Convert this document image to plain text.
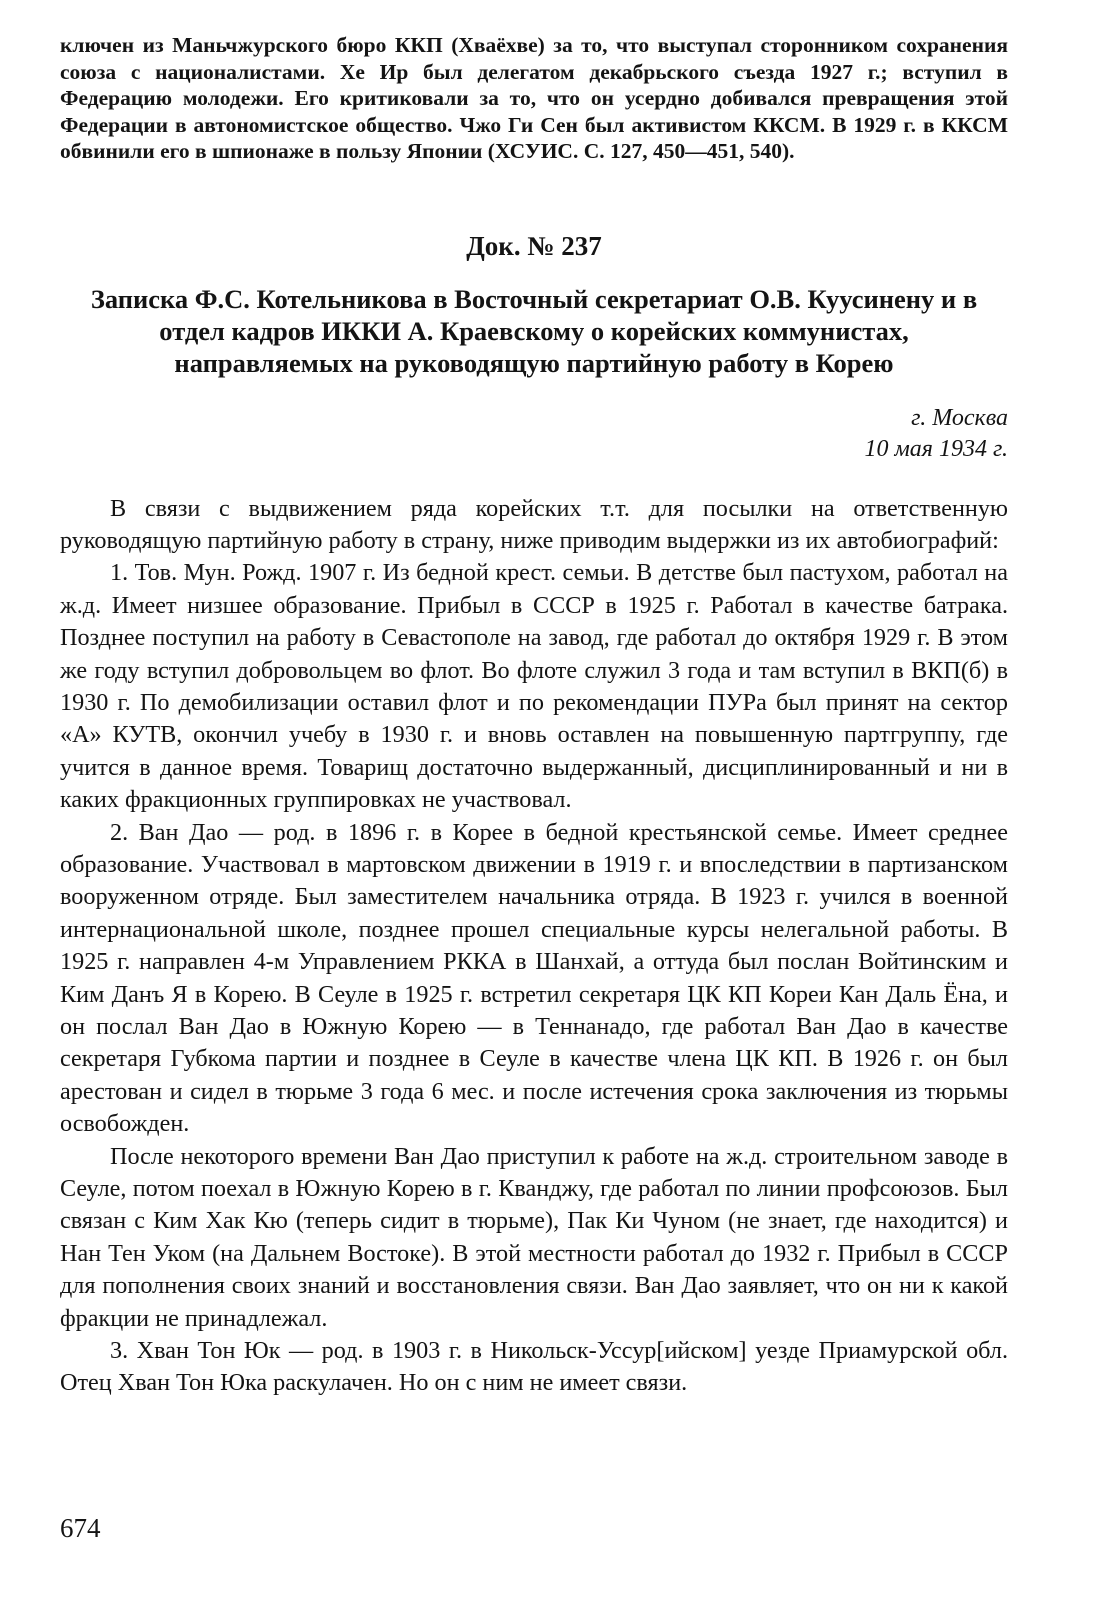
ключен из Маньчжурского бюро ККП (Хваёхве) за то, что выступал сторонником сохранения союза с националистами. Хе Ир был делегатом декабрьского съезда 1927 г.; вступил в Федерацию молодежи. Его критиковали за то, что он усердно добивался превращения этой Федерации в автономистское общество. Чжо Ги Сен был активистом ККСМ. В 1929 г. в ККСМ обвинили его в шпионаже в пользу Японии (ХСУИС. С. 127, 450—451, 540).

Док. № 237
Записка Ф.С. Котельникова в Восточный секретариат О.В. Куусинену и в отдел кадров ИККИ А. Краевскому о корейских коммунистах, направляемых на руководящую партийную работу в Корею
г. Москва
10 мая 1934 г.

В связи с выдвижением ряда корейских т.т. для посылки на ответственную руководящую партийную работу в страну, ниже приводим выдержки из их автобиографий:

1. Тов. Мун. Рожд. 1907 г. Из бедной крест. семьи. В детстве был пастухом, работал на ж.д. Имеет низшее образование. Прибыл в СССР в 1925 г. Работал в качестве батрака. Позднее поступил на работу в Севастополе на завод, где работал до октября 1929 г. В этом же году вступил добровольцем во флот. Во флоте служил 3 года и там вступил в ВКП(б) в 1930 г. По демобилизации оставил флот и по рекомендации ПУРа был принят на сектор «А» КУТВ, окончил учебу в 1930 г. и вновь оставлен на повышенную партгруппу, где учится в данное время. Товарищ достаточно выдержанный, дисциплинированный и ни в каких фракционных группировках не участвовал.

2. Ван Дао — род. в 1896 г. в Корее в бедной крестьянской семье. Имеет среднее образование. Участвовал в мартовском движении в 1919 г. и впоследствии в партизанском вооруженном отряде. Был заместителем начальника отряда. В 1923 г. учился в военной интернациональной школе, позднее прошел специальные курсы нелегальной работы. В 1925 г. направлен 4-м Управлением РККА в Шанхай, а оттуда был послан Войтинским и Ким Данъ Я в Корею. В Сеуле в 1925 г. встретил секретаря ЦК КП Кореи Кан Даль Ёна, и он послал Ван Дао в Южную Корею — в Теннанадо, где работал Ван Дао в качестве секретаря Губкома партии и позднее в Сеуле в качестве члена ЦК КП. В 1926 г. он был арестован и сидел в тюрьме 3 года 6 мес. и после истечения срока заключения из тюрьмы освобожден.

После некоторого времени Ван Дао приступил к работе на ж.д. строительном заводе в Сеуле, потом поехал в Южную Корею в г. Кванджу, где работал по линии профсоюзов. Был связан с Ким Хак Кю (теперь сидит в тюрьме), Пак Ки Чуном (не знает, где находится) и Нан Тен Уком (на Дальнем Востоке). В этой местности работал до 1932 г. Прибыл в СССР для пополнения своих знаний и восстановления связи. Ван Дао заявляет, что он ни к какой фракции не принадлежал.

3. Хван Тон Юк — род. в 1903 г. в Никольск-Уссур[ийском] уезде Приамурской обл. Отец Хван Тон Юка раскулачен. Но он с ним не имеет связи.

674
